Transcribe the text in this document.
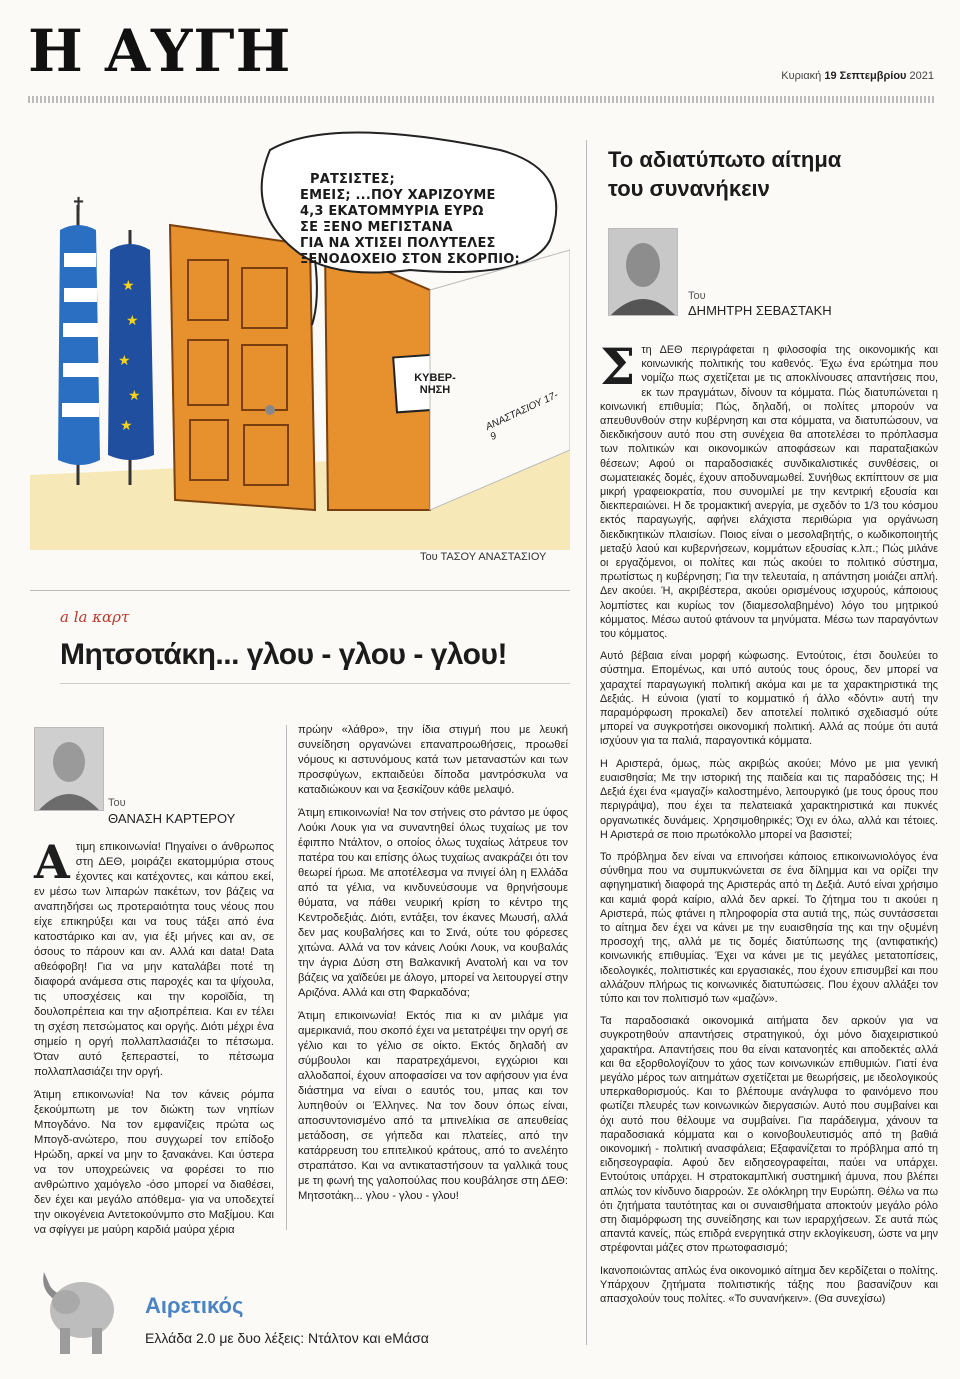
Η ΑΥΓΗ	Κυριακή 19 Σεπτεμβρίου 2021
✝
★
★
★
★
★
ΡΑΤΣΙΣΤΕΣ;
ΕΜΕΙΣ; ...ΠΟΥ ΧΑΡΙΖΟΥΜΕ
4,3 ΕΚΑΤΟΜΜΥΡΙΑ ΕΥΡΩ
ΣΕ ΞΕΝΟ ΜΕΓΙΣΤΑΝΑ
ΓΙΑ ΝΑ ΧΤΙΣΕΙ ΠΟΛΥΤΕΛΕΣ
ΞΕΝΟΔΟΧΕΙΟ ΣΤΟΝ ΣΚΟΡΠΙΟ;
ΚΥΒΕΡ-ΝΗΣΗ	ΑΝΑΣΤΑΣΙΟΥ 17-9
Του ΤΑΣΟΥ ΑΝΑΣΤΑΣΙΟΥ
a la καρτ
Μητσοτάκη... γλου - γλου - γλου!
Του
ΘΑΝΑΣΗ ΚΑΡΤΕΡΟΥ

Ατιμη επικοινωνία! Πηγαίνει ο άνθρωπος στη ΔΕΘ, μοιράζει εκατομμύρια στους έχοντες και κατέχοντες, και κάπου εκεί, εν μέσω των λιπαρών πακέτων, τον βάζεις να αναπηδήσει ως προτεραιότητα τους νέους που είχε επικηρύξει και να τους τάξει από ένα κατοστάρικο και αν, για έξι μήνες και αν, σε όσους το πάρουν και αν. Αλλά και data! Data αθεόφοβη! Για να μην καταλάβει ποτέ τη διαφορά ανάμεσα στις παροχές και τα ψίχουλα, τις υποσχέσεις και την κοροϊδία, τη δουλοπρέπεια και την αξιοπρέπεια. Και εν τέλει τη σχέση πετσώματος και οργής. Διότι μέχρι ένα σημείο η οργή πολλαπλασιάζει το πέτσωμα. Όταν αυτό ξεπεραστεί, το πέτσωμα πολλαπλασιάζει την οργή.

Άτιμη επικοινωνία! Να τον κάνεις ρόμπα ξεκούμπωτη με τον διώκτη των νηπίων Μπογδάνο. Να τον εμφανίζεις πρώτα ως Μπογδ-ανώτερο, που συγχωρεί τον επίδοξο Ηρώδη, αρκεί να μην το ξανακάνει. Και ύστερα να τον υποχρεώνεις να φορέσει το πιο ανθρώπινο χαμόγελο -όσο μπορεί να διαθέσει, δεν έχει και μεγάλο απόθεμα- για να υποδεχτεί την οικογένεια Αντετοκούνμπο στο Μαξίμου. Και να σφίγγει με μαύρη καρδιά μαύρα χέρια

πρώην «λάθρο», την ίδια στιγμή που με λευκή συνείδηση οργανώνει επαναπροωθήσεις, προωθεί νόμους κι αστυνόμους κατά των μεταναστών και των προσφύγων, εκπαιδεύει δίποδα μαντρόσκυλα να καταδιώκουν και να ξεσκίζουν κάθε μελαψό.

Άτιμη επικοινωνία! Να τον στήνεις στο ράντσο με ύφος Λούκι Λουκ για να συναντηθεί όλως τυχαίως με τον έφιππο Ντάλτον, ο οποίος όλως τυχαίως λάτρευε τον πατέρα του και επίσης όλως τυχαίως ανακράζει ότι τον θεωρεί ήρωα. Με αποτέλεσμα να πνιγεί όλη η Ελλάδα από τα γέλια, να κινδυνεύσουμε να θρηνήσουμε θύματα, να πάθει νευρική κρίση το κέντρο της Κεντροδεξιάς. Διότι, εντάξει, τον έκανες Μωυσή, αλλά δεν μας κουβαλήσες και το Σινά, ούτε του φόρεσες χιτώνα. Αλλά να τον κάνεις Λούκι Λουκ, να κουβαλάς την άγρια Δύση στη Βαλκανική Ανατολή και να τον βάζεις να χαϊδεύει με άλογο, μπορεί να λειτουργεί στην Αριζόνα. Αλλά και στη Φαρκαδόνα;

Άτιμη επικοινωνία! Εκτός πια κι αν μιλάμε για αμερικανιά, που σκοπό έχει να μετατρέψει την οργή σε γέλιο και το γέλιο σε οίκτο. Εκτός δηλαδή αν σύμβουλοι και παρατρεχάμενοι, εγχώριοι και αλλοδαποί, έχουν αποφασίσει να τον αφήσουν για ένα διάστημα να είναι ο εαυτός του, μπας και τον λυπηθούν οι Έλληνες. Να τον δουν όπως είναι, αποσυντονισμένο από τα μπινελίκια σε απευθείας μετάδοση, σε γήπεδα και πλατείες, από την κατάρρευση του επιτελικού κράτους, από το ανελέητο στραπάτσο. Και να αντικαταστήσουν τα γαλλικά τους με τη φωνή της γαλοπούλας που κουβάλησε στη ΔΕΘ: Μητσοτάκη... γλου - γλου - γλου!

Το αδιατύπωτο αίτημα
του συνανήκειν
Του
ΔΗΜΗΤΡΗ ΣΕΒΑΣΤΑΚΗ

Στη ΔΕΘ περιγράφεται η φιλοσοφία της οικονομικής και κοινωνικής πολιτικής του καθενός. Έχω ένα ερώτημα που νομίζω πως σχετίζεται με τις αποκλίνουσες απαντήσεις που, εκ των πραγμάτων, δίνουν τα κόμματα. Πώς διατυπώνεται η κοινωνική επιθυμία; Πώς, δηλαδή, οι πολίτες μπορούν να απευθυνθούν στην κυβέρνηση και στα κόμματα, να διατυπώσουν, να διεκδικήσουν αυτό που στη συνέχεια θα αποτελέσει το πρόπλασμα των πολιτικών και οικονομικών αποφάσεων και παραταξιακών θέσεων; Αφού οι παραδοσιακές συνδικαλιστικές συνθέσεις, οι σωματειακές δομές, έχουν αποδυναμωθεί. Συνήθως εκπίπτουν σε μια μικρή γραφειοκρατία, που συνομιλεί με την κεντρική εξουσία και διεκπεραιώνει. Η δε τρομακτική ανεργία, με σχεδόν το 1/3 του κόσμου εκτός παραγωγής, αφήνει ελάχιστα περιθώρια για οργάνωση διεκδικητικών πλαισίων. Ποιος είναι ο μεσολαβητής, ο κωδικοποιητής μεταξύ λαού και κυβερνήσεων, κομμάτων εξουσίας κ.λπ.; Πώς μιλάνε οι εργαζόμενοι, οι πολίτες και πώς ακούει το πολιτικό σύστημα, πρωτίστως η κυβέρνηση; Για την τελευταία, η απάντηση μοιάζει απλή. Δεν ακούει. Ή, ακριβέστερα, ακούει ορισμένους ισχυρούς, κάποιους λομπίστες και κυρίως τον (διαμεσολαβημένο) λόγο του μητρικού κόμματος. Μέσω αυτού φτάνουν τα μηνύματα. Μέσω των παραγόντων του κόμματος.

Αυτό βέβαια είναι μορφή κώφωσης. Εντούτοις, έτσι δουλεύει το σύστημα. Επομένως, και υπό αυτούς τους όρους, δεν μπορεί να χαραχτεί παραγωγική πολιτική ακόμα και με τα χαρακτηριστικά της Δεξιάς. Η εύνοια (γιατί το κομματικό ή άλλο «δόντι» αυτή την παραμόρφωση προκαλεί) δεν αποτελεί πολιτικό σχεδιασμό ούτε μπορεί να συγκροτήσει οικονομική πολιτική. Αλλά ας πούμε ότι αυτά ισχύουν για τα παλιά, παραγοντικά κόμματα.

Η Αριστερά, όμως, πώς ακριβώς ακούει; Μόνο με μια γενική ευαισθησία; Με την ιστορική της παιδεία και τις παραδόσεις της; Η Δεξιά έχει ένα «μαγαζί» καλοστημένο, λειτουργικό (με τους όρους που περιγράψα), που έχει τα πελατειακά χαρακτηριστικά και πυκνές οργανωτικές δυνάμεις. Χρησιμοθηρικές; Όχι εν όλω, αλλά και τέτοιες. Η Αριστερά σε ποιο πρωτόκολλο μπορεί να βασιστεί;

Το πρόβλημα δεν είναι να επινοήσει κάποιος επικοινωνιολόγος ένα σύνθημα που να συμπυκνώνεται σε ένα δίλημμα και να ορίζει την αφηγηματική διαφορά της Αριστεράς από τη Δεξιά. Αυτό είναι χρήσιμο και καμιά φορά καίριο, αλλά δεν αρκεί. Το ζήτημα του τι ακούει η Αριστερά, πώς φτάνει η πληροφορία στα αυτιά της, πώς συντάσσεται το αίτημα δεν έχει να κάνει με την ευαισθησία της και την οξυμένη προσοχή της, αλλά με τις δομές διατύπωσης της (αντιφατικής) κοινωνικής επιθυμίας. Έχει να κάνει με τις μεγάλες μετατοπίσεις, ιδεολογικές, πολιτιστικές και εργασιακές, που έχουν επισυμβεί και που αλλάζουν πλήρως τις κοινωνικές διατυπώσεις. Που έχουν αλλάξει τον τύπο και τον πολιτισμό των «μαζών».

Τα παραδοσιακά οικονομικά αιτήματα δεν αρκούν για να συγκροτηθούν απαντήσεις στρατηγικού, όχι μόνο διαχειριστικού χαρακτήρα. Απαντήσεις που θα είναι κατανοητές και αποδεκτές αλλά και θα εξορθολογίζουν το χάος των κοινωνικών επιθυμιών. Γιατί ένα μεγάλο μέρος των αιτημάτων σχετίζεται με θεωρήσεις, με ιδεολογικούς υπερκαθορισμούς. Και το βλέπουμε ανάγλυφα το φαινόμενο που φωτίζει πλευρές των κοινωνικών διεργασιών. Αυτό που συμβαίνει και όχι αυτό που θέλουμε να συμβαίνει. Για παράδειγμα, χάνουν τα παραδοσιακά κόμματα και ο κοινοβουλευτισμός από τη βαθιά οικονομική - πολιτική ανασφάλεια; Εξαφανίζεται το πρόβλημα από τη ειδησεογραφία. Αφού δεν ειδησεογραφείται, παύει να υπάρχει. Εντούτοις υπάρχει. Η στρατοκαμπλική συστημική άμυνα, που βλέπει απλώς τον κίνδυνο διαρροών. Σε ολόκληρη την Ευρώπη. Θέλω να πω ότι ζητήματα ταυτότητας και οι συναισθήματα αποκτούν μεγάλο ρόλο στη διαμόρφωση της συνείδησης και των ιεραρχήσεων. Σε αυτά πώς απαντά κανείς, πώς επιδρά ενεργητικά στην εκλογίκευση, ώστε να μην στρέφονται μάζες στον πρωτοφασισμό;

Ικανοποιώντας απλώς ένα οικονομικό αίτημα δεν κερδίζεται ο πολίτης. Υπάρχουν ζητήματα πολιτιστικής τάξης που βασανίζουν και απασχολούν τους πολίτες. «Το συνανήκειν». (Θα συνεχίσω)

Αιρετικός
Ελλάδα 2.0 με δυο λέξεις: Ντάλτον και eΜάσα
